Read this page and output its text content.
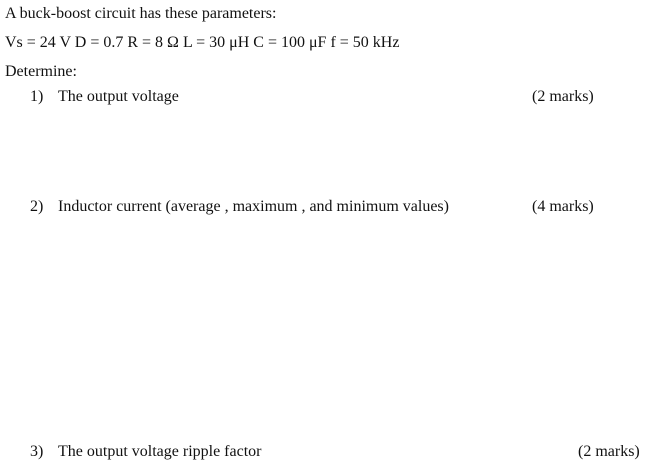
A buck-boost circuit has these parameters:
Vs = 24 V D = 0.7 R = 8 Ω L = 30 μH C = 100 μF f = 50 kHz
Determine:
1) The output voltage	(2 marks)
2) Inductor current (average , maximum , and minimum values)	(4 marks)
3) The output voltage ripple factor	(2 marks)
